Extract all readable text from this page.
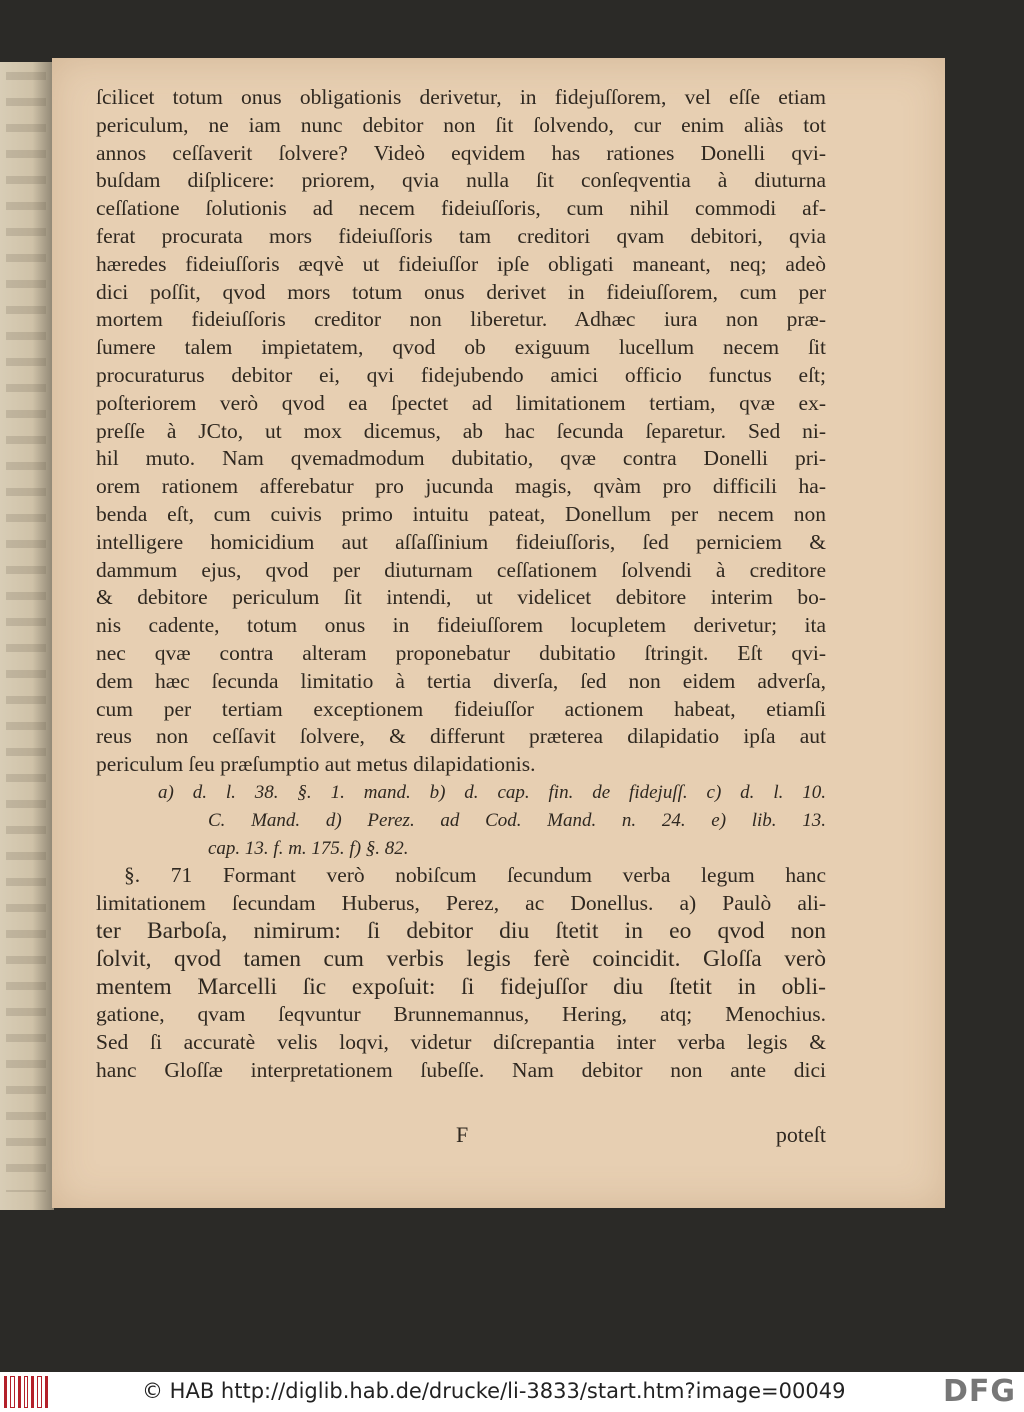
ſcilicet totum onus obligationis derivetur, in fidejuſſorem, vel eſſe etiam
periculum, ne iam nunc debitor non ſit ſolvendo, cur enim aliàs tot
annos ceſſaverit ſolvere? Videò eqvidem has rationes Donelli qvi-
buſdam diſplicere: priorem, qvia nulla ſit conſeqventia à diuturna
ceſſatione ſolutionis ad necem fideiuſſoris, cum nihil commodi af-
ferat procurata mors fideiuſſoris tam creditori qvam debitori, qvia
hæredes fideiuſſoris æqvè ut fideiuſſor ipſe obligati maneant, neq; adeò
dici poſſit, qvod mors totum onus derivet in fideiuſſorem, cum per
mortem fideiuſſoris creditor non liberetur. Adhæc iura non præ-
ſumere talem impietatem, qvod ob exiguum lucellum necem ſit
procuraturus debitor ei, qvi fidejubendo amici officio functus eſt;
poſteriorem verò qvod ea ſpectet ad limitationem tertiam, qvæ ex-
preſſe à JCto, ut mox dicemus, ab hac ſecunda ſeparetur. Sed ni-
hil muto. Nam qvemadmodum dubitatio, qvæ contra Donelli pri-
orem rationem afferebatur pro jucunda magis, qvàm pro difficili ha-
benda eſt, cum cuivis primo intuitu pateat, Donellum per necem non
intelligere homicidium aut aſſaſſinium fideiuſſoris, ſed perniciem &
dammum ejus, qvod per diuturnam ceſſationem ſolvendi à creditore
& debitore periculum ſit intendi, ut videlicet debitore interim bo-
nis cadente, totum onus in fideiuſſorem locupletem derivetur; ita
nec qvæ contra alteram proponebatur dubitatio ſtringit. Eſt qvi-
dem hæc ſecunda limitatio à tertia diverſa, ſed non eidem adverſa,
cum per tertiam exceptionem fideiuſſor actionem habeat, etiamſi
reus non ceſſavit ſolvere, & differunt præterea dilapidatio ipſa aut
periculum ſeu præſumptio aut metus dilapidationis.
a) d. l. 38. §. 1. mand. b) d. cap. fin. de fidejuſſ. c) d. l. 10.
C. Mand. d) Perez. ad Cod. Mand. n. 24. e) lib. 13.
cap. 13. f. m. 175. f) §. 82.
§. 71 Formant verò nobiſcum ſecundum verba legum hanc
limitationem ſecundam Huberus, Perez, ac Donellus. a) Paulò ali-
ter Barboſa, nimirum: ſi debitor diu ſtetit in eo qvod non
ſolvit, qvod tamen cum verbis legis ferè coincidit. Gloſſa verò
mentem Marcelli ſic expoſuit: ſi fidejuſſor diu ſtetit in obli-
gatione, qvam ſeqvuntur Brunnemannus, Hering, atq; Menochius.
Sed ſi accuratè velis loqvi, videtur diſcrepantia inter verba legis &
hanc Gloſſæ interpretationem ſubeſſe. Nam debitor non ante dici
F	poteſt
© HAB http://diglib.hab.de/drucke/li-3833/start.htm?image=00049	DFG
